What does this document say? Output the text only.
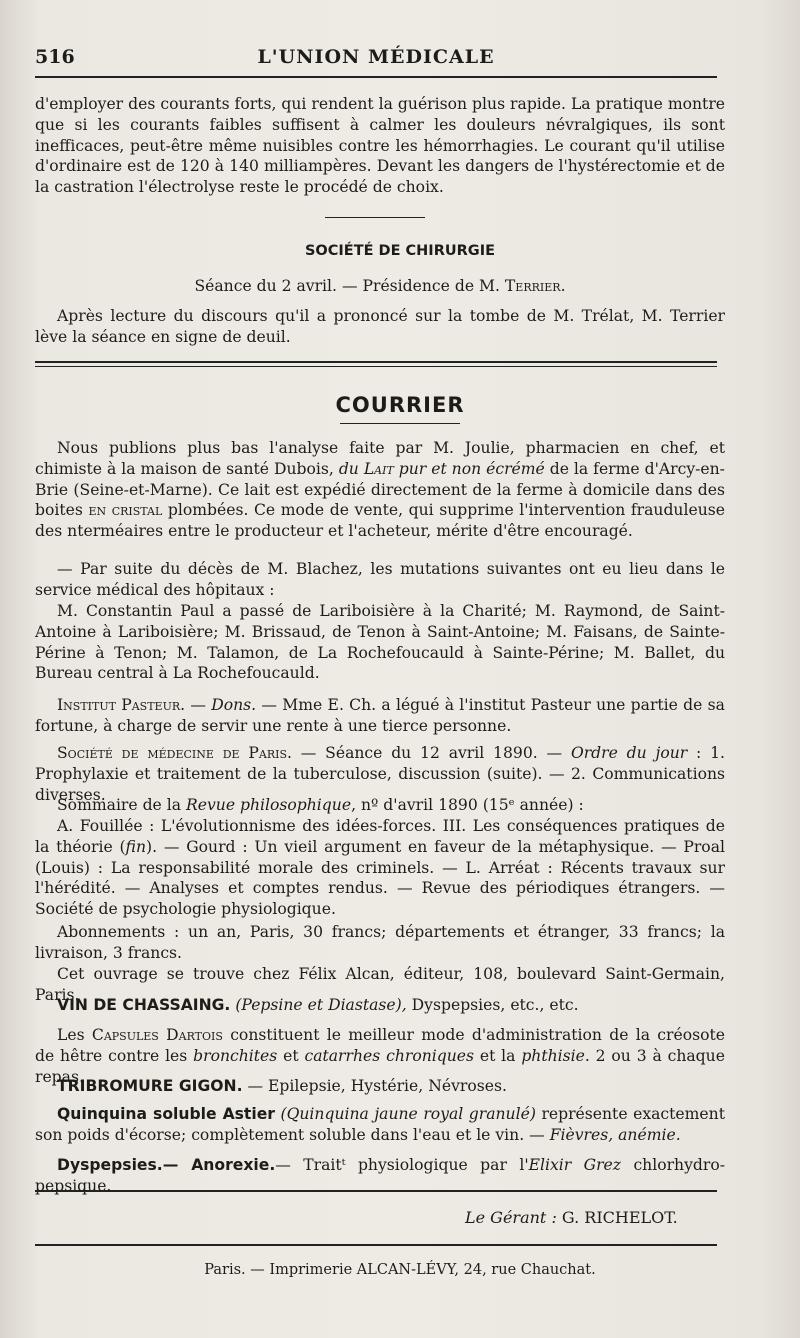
516	L'UNION MÉDICALE

d'employer des courants forts, qui rendent la guérison plus rapide. La pratique montre que si les courants faibles suffisent à calmer les douleurs névralgiques, ils sont inefficaces, peut-être même nuisibles contre les hémorrhagies. Le courant qu'il utilise d'ordinaire est de 120 à 140 milliampères. Devant les dangers de l'hystérectomie et de la castration l'électrolyse reste le procédé de choix.

SOCIÉTÉ DE CHIRURGIE
Séance du 2 avril. — Présidence de M. Terrier.

Après lecture du discours qu'il a prononcé sur la tombe de M. Trélat, M. Terrier lève la séance en signe de deuil.

COURRIER
Nous publions plus bas l'analyse faite par M. Joulie, pharmacien en chef, et chimiste à la maison de santé Dubois, du Lait pur et non écrémé de la ferme d'Arcy-en-Brie (Seine-et-Marne). Ce lait est expédié directement de la ferme à domicile dans des boites en cristal plombées. Ce mode de vente, qui supprime l'intervention frauduleuse des nterméaires entre le producteur et l'acheteur, mérite d'être encouragé.

— Par suite du décès de M. Blachez, les mutations suivantes ont eu lieu dans le service médical des hôpitaux :

M. Constantin Paul a passé de Lariboisière à la Charité; M. Raymond, de Saint-Antoine à Lariboisière; M. Brissaud, de Tenon à Saint-Antoine; M. Faisans, de Sainte-Périne à Tenon; M. Talamon, de La Rochefoucauld à Sainte-Périne; M. Ballet, du Bureau central à La Rochefoucauld.

Institut Pasteur. — Dons. — Mme E. Ch. a légué à l'institut Pasteur une partie de sa fortune, à charge de servir une rente à une tierce personne.
Société de médecine de Paris. — Séance du 12 avril 1890. — Ordre du jour : 1. Prophylaxie et traitement de la tuberculose, discussion (suite). — 2. Communications diverses.
Sommaire de la Revue philosophique, nº d'avril 1890 (15ᵉ année) :
A. Fouillée : L'évolutionnisme des idées-forces. III. Les conséquences pratiques de la théorie (fin). — Gourd : Un vieil argument en faveur de la métaphysique. — Proal (Louis) : La responsabilité morale des criminels. — L. Arréat : Récents travaux sur l'hérédité. — Analyses et comptes rendus. — Revue des périodiques étrangers. — Société de psychologie physiologique.

Abonnements : un an, Paris, 30 francs; départements et étranger, 33 francs; la livraison, 3 francs.

Cet ouvrage se trouve chez Félix Alcan, éditeur, 108, boulevard Saint-Germain, Paris.

VIN DE CHASSAING. (Pepsine et Diastase), Dyspepsies, etc., etc.
Les Capsules Dartois constituent le meilleur mode d'administration de la créosote de hêtre contre les bronchites et catarrhes chroniques et la phthisie. 2 ou 3 à chaque repas.
TRIBROMURE GIGON. — Epilepsie, Hystérie, Névroses.
Quinquina soluble Astier (Quinquina jaune royal granulé) représente exactement son poids d'écorse; complètement soluble dans l'eau et le vin. — Fièvres, anémie.
Dyspepsies.— Anorexie.— Traitᵗ physiologique par l'Elixir Grez chlorhydro-pepsique.
Le Gérant : G. RICHELOT.
Paris. — Imprimerie ALCAN-LÉVY, 24, rue Chauchat.
